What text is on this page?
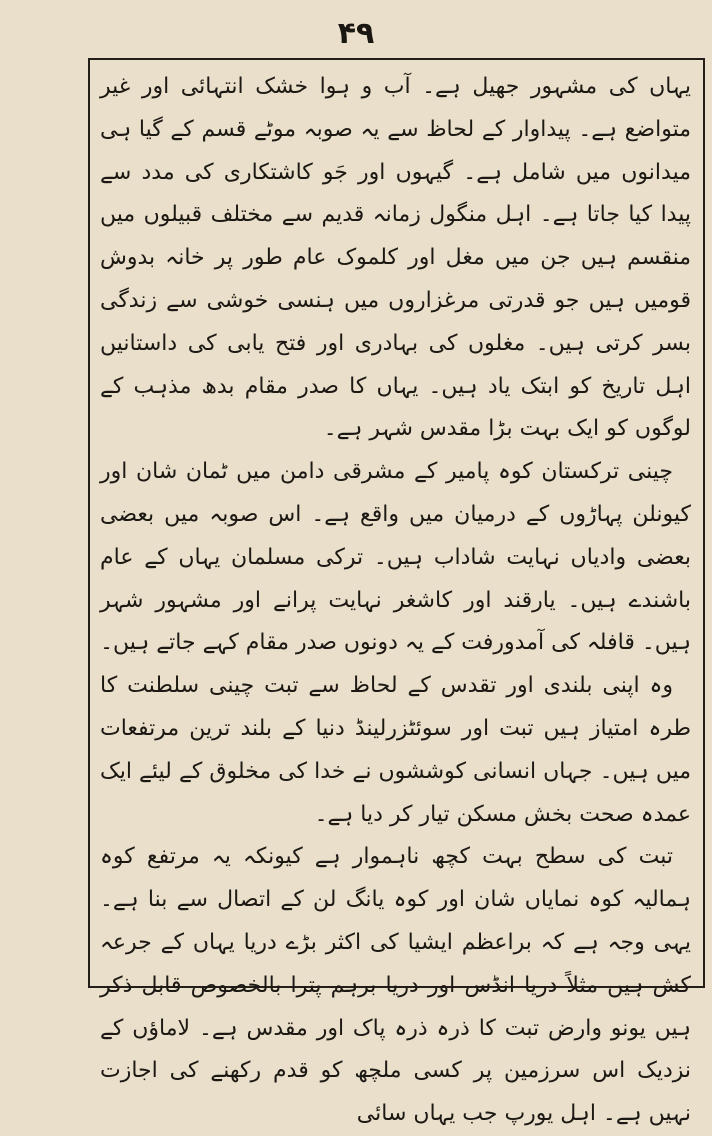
۴۹

یہاں کی مشہور جھیل ہے۔ آب و ہوا خشک انتہائی اور غیر متواضع ہے۔ پیداوار کے لحاظ سے یہ صوبہ موٹے قسم کے گیا ہی میدانوں میں شامل ہے۔ گیہوں اور جَو کاشتکاری کی مدد سے پیدا کیا جاتا ہے۔ اہل منگول زمانہ قدیم سے مختلف قبیلوں میں منقسم ہیں جن میں مغل اور کلموک عام طور پر خانہ بدوش قومیں ہیں جو قدرتی مرغزاروں میں ہنسی خوشی سے زندگی بسر کرتی ہیں۔ مغلوں کی بہادری اور فتح یابی کی داستانیں اہل تاریخ کو ابتک یاد ہیں۔ یہاں کا صدر مقام بدھ مذہب کے لوگوں کو ایک بہت بڑا مقدس شہر ہے۔

چینی ترکستان کوہ پامیر کے مشرقی دامن میں ٹمان شان اور کیونلن پہاڑوں کے درمیان میں واقع ہے۔ اس صوبہ میں بعضی بعضی وادیاں نہایت شاداب ہیں۔ ترکی مسلمان یہاں کے عام باشندے ہیں۔ یارقند اور کاشغر نہایت پرانے اور مشہور شہر ہیں۔ قافلہ کی آمدورفت کے یہ دونوں صدر مقام کہے جاتے ہیں۔

وہ اپنی بلندی اور تقدس کے لحاظ سے تبت چینی سلطنت کا طرہ امتیاز ہیں تبت اور سوئٹزرلینڈ دنیا کے بلند ترین مرتفعات میں ہیں۔ جہاں انسانی کوششوں نے خدا کی مخلوق کے لیئے ایک عمدہ صحت بخش مسکن تیار کر دیا ہے۔

تبت کی سطح بہت کچھ ناہموار ہے کیونکہ یہ مرتفع کوہ ہمالیہ کوہ نمایاں شان اور کوہ یانگ لن کے اتصال سے بنا ہے۔ یہی وجہ ہے کہ براعظم ایشیا کی اکثر بڑے دریا یہاں کے جرعہ کش ہیں مثلاً دریا انڈس اور دریا برہم پترا بالخصوص قابل ذکر ہیں یونو وارض تبت کا ذرہ ذرہ پاک اور مقدس ہے۔ لاماؤں کے نزدیک اس سرزمین پر کسی ملچھ کو قدم رکھنے کی اجازت نہیں ہے۔ اہل یورپ جب یہاں سائی
